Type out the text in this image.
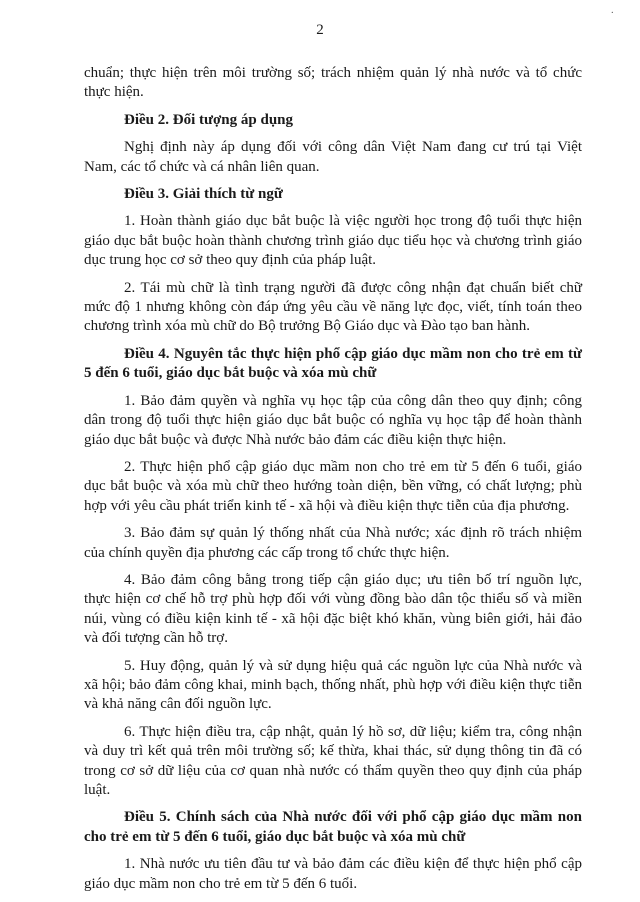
2
·

chuẩn; thực hiện trên môi trường số; trách nhiệm quản lý nhà nước và tổ chức thực hiện.

Điều 2. Đối tượng áp dụng

Nghị định này áp dụng đối với công dân Việt Nam đang cư trú tại Việt Nam, các tổ chức và cá nhân liên quan.

Điều 3. Giải thích từ ngữ

1. Hoàn thành giáo dục bắt buộc là việc người học trong độ tuổi thực hiện giáo dục bắt buộc hoàn thành chương trình giáo dục tiểu học và chương trình giáo dục trung học cơ sở theo quy định của pháp luật.

2. Tái mù chữ là tình trạng người đã được công nhận đạt chuẩn biết chữ mức độ 1 nhưng không còn đáp ứng yêu cầu về năng lực đọc, viết, tính toán theo chương trình xóa mù chữ do Bộ trưởng Bộ Giáo dục và Đào tạo ban hành.

Điều 4. Nguyên tắc thực hiện phổ cập giáo dục mầm non cho trẻ em từ 5 đến 6 tuổi, giáo dục bắt buộc và xóa mù chữ

1. Bảo đảm quyền và nghĩa vụ học tập của công dân theo quy định; công dân trong độ tuổi thực hiện giáo dục bắt buộc có nghĩa vụ học tập để hoàn thành giáo dục bắt buộc và được Nhà nước bảo đảm các điều kiện thực hiện.

2. Thực hiện phổ cập giáo dục mầm non cho trẻ em từ 5 đến 6 tuổi, giáo dục bắt buộc và xóa mù chữ theo hướng toàn diện, bền vững, có chất lượng; phù hợp với yêu cầu phát triển kinh tế - xã hội và điều kiện thực tiễn của địa phương.

3. Bảo đảm sự quản lý thống nhất của Nhà nước; xác định rõ trách nhiệm của chính quyền địa phương các cấp trong tổ chức thực hiện.

4. Bảo đảm công bằng trong tiếp cận giáo dục; ưu tiên bố trí nguồn lực, thực hiện cơ chế hỗ trợ phù hợp đối với vùng đồng bào dân tộc thiểu số và miền núi, vùng có điều kiện kinh tế - xã hội đặc biệt khó khăn, vùng biên giới, hải đảo và đối tượng cần hỗ trợ.

5. Huy động, quản lý và sử dụng hiệu quả các nguồn lực của Nhà nước và xã hội; bảo đảm công khai, minh bạch, thống nhất, phù hợp với điều kiện thực tiễn và khả năng cân đối nguồn lực.

6. Thực hiện điều tra, cập nhật, quản lý hồ sơ, dữ liệu; kiểm tra, công nhận và duy trì kết quả trên môi trường số; kế thừa, khai thác, sử dụng thông tin đã có trong cơ sở dữ liệu của cơ quan nhà nước có thẩm quyền theo quy định của pháp luật.

Điều 5. Chính sách của Nhà nước đối với phổ cập giáo dục mầm non cho trẻ em từ 5 đến 6 tuổi, giáo dục bắt buộc và xóa mù chữ

1. Nhà nước ưu tiên đầu tư và bảo đảm các điều kiện để thực hiện phổ cập giáo dục mầm non cho trẻ em từ 5 đến 6 tuổi.
